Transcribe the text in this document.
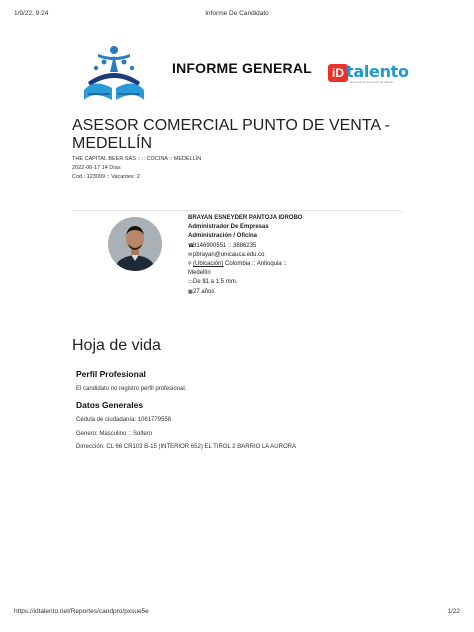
1/9/22, 9:24	Informe De Candidato
INFORME GENERAL	iD talento
Haciendo la selección de talento
ASESOR COMERCIAL PUNTO DE VENTA - MEDELLÍN
THE CAPITAL BEER SAS :: :: COCINA :: MEDELLÍN
2022-06-17 14 Días
Cod.: 123099 :: Vacantes: 2
BRAYAN ESNEYDER PANTOJA IDROBO
Administrador De Empresas
Administración / Oficina
☎3146900551 :: 3886235
✉pbrayan@unicauca.edu.co
⚲(Ubicación) Colombia :: Antioquia ::
Medellín
▭De $1 a 1.5 mm.
▦27 años
Hoja de vida
Perfil Profesional
El candidato no registro perfil profesional.
Datos Generales
Cédula de ciudadanía: 1061779558
Genero: Masculino :: Soltero
Dirrección: CL 66 CR103 B-15 (INTERIOR 652) EL TIROL 2 BARRIO LA AURORA
https://idtalento.net/Reportes/candpro/pxsue5e	1/22
